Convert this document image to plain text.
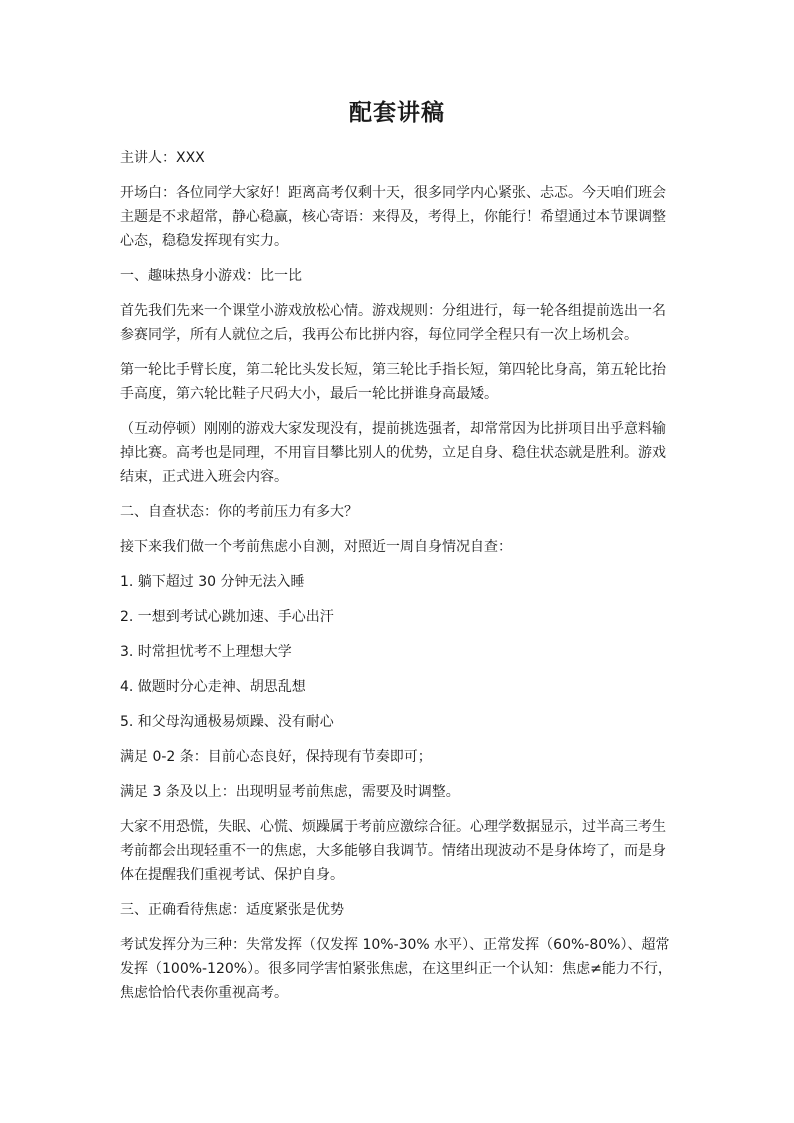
配套讲稿

主讲人：XXX

开场白：各位同学大家好！距离高考仅剩十天，很多同学内心紧张、忐忑。今天咱们班会主题是不求超常，静心稳赢，核心寄语：来得及，考得上，你能行！希望通过本节课调整心态，稳稳发挥现有实力。

一、趣味热身小游戏：比一比

首先我们先来一个课堂小游戏放松心情。游戏规则：分组进行，每一轮各组提前选出一名参赛同学，所有人就位之后，我再公布比拼内容，每位同学全程只有一次上场机会。

第一轮比手臂长度，第二轮比头发长短，第三轮比手指长短，第四轮比身高，第五轮比抬手高度，第六轮比鞋子尺码大小，最后一轮比拼谁身高最矮。

（互动停顿）刚刚的游戏大家发现没有，提前挑选强者，却常常因为比拼项目出乎意料输掉比赛。高考也是同理，不用盲目攀比别人的优势，立足自身、稳住状态就是胜利。游戏结束，正式进入班会内容。

二、自查状态：你的考前压力有多大？

接下来我们做一个考前焦虑小自测，对照近一周自身情况自查：

1. 躺下超过 30 分钟无法入睡

2. 一想到考试心跳加速、手心出汗

3. 时常担忧考不上理想大学

4. 做题时分心走神、胡思乱想

5. 和父母沟通极易烦躁、没有耐心

满足 0-2 条：目前心态良好，保持现有节奏即可；

满足 3 条及以上：出现明显考前焦虑，需要及时调整。

大家不用恐慌，失眠、心慌、烦躁属于考前应激综合征。心理学数据显示，过半高三考生考前都会出现轻重不一的焦虑，大多能够自我调节。情绪出现波动不是身体垮了，而是身体在提醒我们重视考试、保护自身。

三、正确看待焦虑：适度紧张是优势

考试发挥分为三种：失常发挥（仅发挥 10%-30% 水平）、正常发挥（60%-80%）、超常发挥（100%-120%）。很多同学害怕紧张焦虑，在这里纠正一个认知：焦虑≠能力不行，焦虑恰恰代表你重视高考。
